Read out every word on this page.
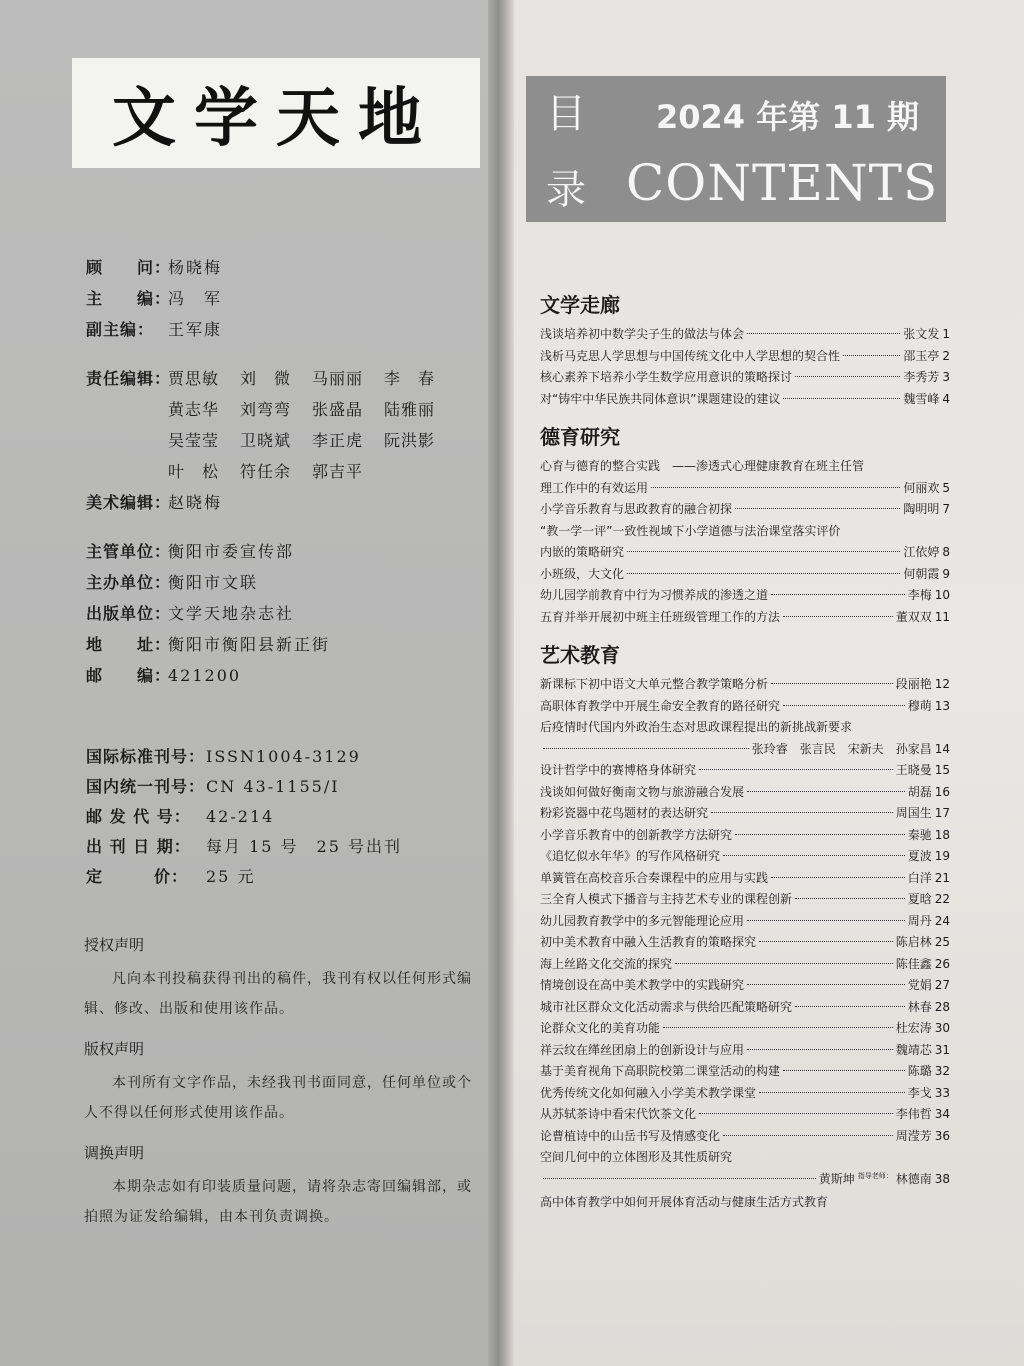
文学天地
顾　　问：
杨晓梅
主　　编：
冯　军
副主编： 王军康
责任编辑：
贾思敏	刘　微	马丽丽	李　春
黄志华	刘弯弯	张盛晶	陆雅丽
吴莹莹	卫晓斌	李正虎	阮洪影
叶　松	符任余	郭吉平
美术编辑：
赵晓梅
主管单位：
衡阳市委宣传部
主办单位：
衡阳市文联
出版单位：
文学天地杂志社
地　　址：
衡阳市衡阳县新正街
邮　　编：
421200
国际标准刊号： ISSN1004-3129
国内统一刊号： CN 43-1155/I
邮 发 代 号： 42-214
出 刊 日 期： 每月 15 号　25 号出刊
定　　　价：	25 元
授权声明

凡向本刊投稿获得刊出的稿件，我刊有权以任何形式编辑、修改、出版和使用该作品。

版权声明

本刊所有文字作品，未经我刊书面同意，任何单位或个人不得以任何形式使用该作品。

调换声明

本期杂志如有印装质量问题，请将杂志寄回编辑部，或拍照为证发给编辑，由本刊负责调换。

目
录
2024 年第 11 期
CONTENTS
文学走廊
浅谈培养初中数学尖子生的做法与体会	张文发 1
浅析马克思人学思想与中国传统文化中人学思想的契合性	邵玉亭 2
核心素养下培养小学生数学应用意识的策略探讨	李秀芳 3
对“铸牢中华民族共同体意识”课题建设的建议	魏雪峰 4
德育研究
心育与德育的整合实践　——渗透式心理健康教育在班主任管
理工作中的有效运用	何丽欢 5
小学音乐教育与思政教育的融合初探	陶明明 7
“教一学一评”一致性视域下小学道德与法治课堂落实评价
内嵌的策略研究	江依婷 8
小班级，大文化	何朝霞 9
幼儿园学前教育中行为习惯养成的渗透之道	李梅 10
五育并举开展初中班主任班级管理工作的方法	董双双 11
艺术教育
新课标下初中语文大单元整合教学策略分析	段丽艳 12
高职体育教学中开展生命安全教育的路径研究	穆萌 13
后疫情时代国内外政治生态对思政课程提出的新挑战新要求
张玲睿　张言民　宋新夫　孙家昌 14
设计哲学中的赛博格身体研究	王晓曼 15
浅谈如何做好衡南文物与旅游融合发展	胡磊 16
粉彩瓷器中花鸟题材的表达研究	周国生 17
小学音乐教育中的创新教学方法研究	秦驰 18
《追忆似水年华》的写作风格研究	夏波 19
单簧管在高校音乐合奏课程中的应用与实践	白洋 21
三全育人模式下播音与主持艺术专业的课程创新	夏晗 22
幼儿园教育教学中的多元智能理论应用	周丹 24
初中美术教育中融入生活教育的策略探究	陈启林 25
海上丝路文化交流的探究	陈佳鑫 26
情境创设在高中美术教学中的实践研究	党娟 27
城市社区群众文化活动需求与供给匹配策略研究	林春 28
论群众文化的美育功能	杜宏涛 30
祥云纹在缂丝团扇上的创新设计与应用	魏靖芯 31
基于美育视角下高职院校第二课堂活动的构建	陈璐 32
优秀传统文化如何融入小学美术教学课堂	李戈 33
从苏轼茶诗中看宋代饮茶文化	李伟哲 34
论曹植诗中的山岳书写及情感变化	周滢芳 36
空间几何中的立体图形及其性质研究
黄斯坤 指导老师： 林德南 38
高中体育教学中如何开展体育活动与健康生活方式教育
